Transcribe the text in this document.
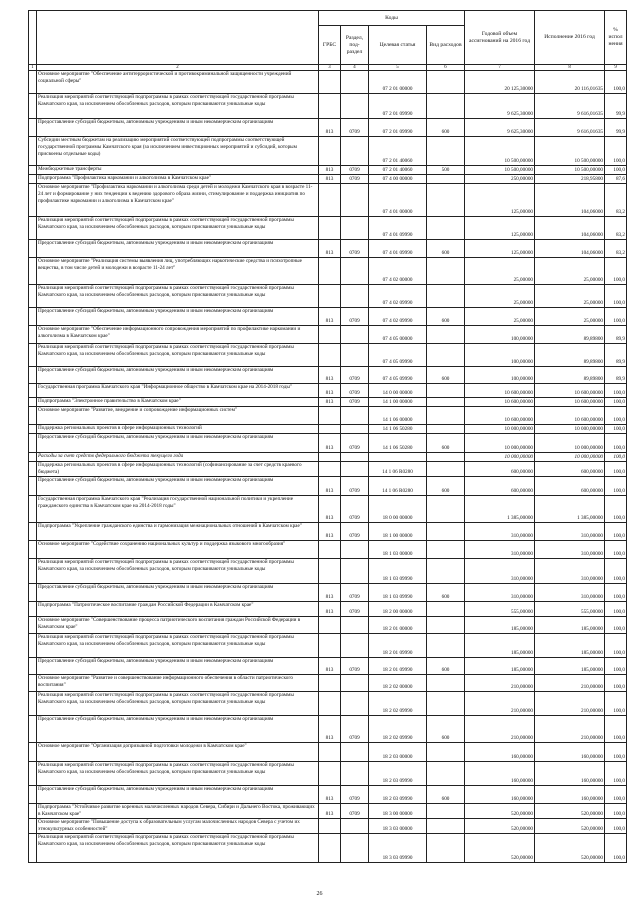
		Коды				Годовой объем ассигнований на 2016 год	Исполнение 2016 год	% испол нения
		ГРБС	Раздел, под-раздел	Целевая статья	Вид расходов			
1	2	3	4	5	6	7	8	9
	Основное мероприятие "Обеспечение антитеррористической и противокриминальной защищенности учреждений социальной сферы"			07 2 01 00000		20 125,30000	20 116,01635	100,0
	Реализация мероприятий соответствующей подпрограммы в рамках соответствующей государственной программы Камчатского края, за исключением обособленных расходов, которым присваиваются уникальные коды			07 2 01 09990		9 625,30000	9 616,01635	99,9
	Предоставление субсидий бюджетным, автономным учреждениям и иным некоммерческим организациям	813	0709	07 2 01 09990	600	9 625,30000	9 616,01635	99,9
	Субсидии местным бюджетам на реализацию мероприятий соответствующей подпрограммы соответствующей государственной программы Камчатского края (за исключением инвестиционных мероприятий и субсидий, которым присвоены отдельные коды)			07 2 01 40060		10 500,00000	10 500,00000	100,0
	Межбюджетные трансферты	813	0709	07 2 01 40060	500	10 500,00000	10 500,00000	100,0
	Подпрограмма "Профилактика наркомании и алкоголизма в Камчатском крае"	813	0709	07 4 00 00000		250,00000	218,95800	87,6
	Основное мероприятие "Профилактика наркомании и алкоголизма среди детей и молодежи Камчатского края в возрасте 11-24 лет и формирование у них тенденции к ведению здорового образа жизни, стимулирование и поддержка инициатив по профилактике наркомании и алкоголизма в Камчатском крае"			07 4 01 00000		125,00000	104,06000	83,2
	Реализация мероприятий соответствующей подпрограммы в рамках соответствующей государственной программы Камчатского края, за исключением обособленных расходов, которым присваиваются уникальные коды			07 4 01 09990		125,00000	104,06000	83,2
	Предоставление субсидий бюджетным, автономным учреждениям и иным некоммерческим организациям	813	0709	07 4 01 09990	600	125,00000	104,06000	83,2
	Основное мероприятие "Реализация системы выявления лиц, употребляющих наркотические средства и психотропные вещества, в том числе детей и молодежи в возрасте 11-24 лет"			07 4 02 00000		25,00000	25,00000	100,0
	Реализация мероприятий соответствующей подпрограммы в рамках соответствующей государственной программы Камчатского края, за исключением обособленных расходов, которым присваиваются уникальные коды			07 4 02 09990		25,00000	25,00000	100,0
	Предоставление субсидий бюджетным, автономным учреждениям и иным некоммерческим организациям	813	0709	07 4 02 09990	600	25,00000	25,00000	100,0
	Основное мероприятие "Обеспечение информационного сопровождения мероприятий по профилактике наркомании и алкоголизма в Камчатском крае"			07 4 05 00000		100,00000	89,89800	89,9
	Реализация мероприятий соответствующей подпрограммы в рамках соответствующей государственной программы Камчатского края, за исключением обособленных расходов, которым присваиваются уникальные коды			07 4 05 09990		100,00000	89,89800	89,9
	Предоставление субсидий бюджетным, автономным учреждениям и иным некоммерческим организациям	813	0709	07 4 05 09990	600	100,00000	89,89800	89,9
	Государственная программа Камчатского края "Информационное общество в Камчатском крае на 2014-2018 годы"	813	0709	14 0 00 00000		10 600,00000	10 600,00000	100,0
	Подпрограмма "Электронное правительство в Камчатском крае"	813	0709	14 1 00 00000		10 600,00000	10 600,00000	100,0
	Основное мероприятие "Развитие, внедрение и сопровождение информационных систем"			14 1 06 00000		10 600,00000	10 600,00000	100,0
	Поддержка региональных проектов в сфере информационных технологий			14 1 06 50280		10 000,00000	10 000,00000	100,0
	Предоставление субсидий бюджетным, автономным учреждениям и иным некоммерческим организациям	813	0709	14 1 06 50280	600	10 000,00000	10 000,00000	100,0
	Расходы за счет средств федерального бюджета текущего года					10 000,00000	10 000,00000	100,0
	Поддержка региональных проектов в сфере информационных технологий (софинансирование за счет средств краевого бюджета)			14 1 06 R0280		600,00000	600,00000	100,0
	Предоставление субсидий бюджетным, автономным учреждениям и иным некоммерческим организациям	813	0709	14 1 06 R0280	600	600,00000	600,00000	100,0
	Государственная программа Камчатского края "Реализация государственной национальной политики и укрепление гражданского единства в Камчатском крае на 2014-2018 годы"	813	0709	18 0 00 00000		1 385,00000	1 385,00000	100,0
	Подпрограмма "Укрепление гражданского единства и гармонизация межнациональных отношений в Камчатском крае"	813	0709	18 1 00 00000		310,00000	310,00000	100,0
	Основное мероприятие "Содействие сохранению национальных культур и поддержка языкового многообразия"			18 1 03 00000		310,00000	310,00000	100,0
	Реализация мероприятий соответствующей подпрограммы в рамках соответствующей государственной программы Камчатского края, за исключением обособленных расходов, которым присваиваются уникальные коды			18 1 03 09990		310,00000	310,00000	100,0
	Предоставление субсидий бюджетным, автономным учреждениям и иным некоммерческим организациям	813	0709	18 1 03 09990	600	310,00000	310,00000	100,0
	Подпрограмма "Патриотическое воспитание граждан Российской Федерации в Камчатском крае"	813	0709	18 2 00 00000		555,00000	555,00000	100,0
	Основное мероприятие "Совершенствование процесса патриотического воспитания граждан Российской Федерации в Камчатском крае"			18 2 01 00000		185,00000	185,00000	100,0
	Реализация мероприятий соответствующей подпрограммы в рамках соответствующей государственной программы Камчатского края, за исключением обособленных расходов, которым присваиваются уникальные коды			18 2 01 09990		185,00000	185,00000	100,0
	Предоставление субсидий бюджетным, автономным учреждениям и иным некоммерческим организациям	813	0709	18 2 01 09990	600	185,00000	185,00000	100,0
	Основное мероприятие "Развитие и совершенствование информационного обеспечения в области патриотического воспитания"			18 2 02 00000		210,00000	210,00000	100,0
	Реализация мероприятий соответствующей подпрограммы в рамках соответствующей государственной программы Камчатского края, за исключением обособленных расходов, которым присваиваются уникальные коды			18 2 02 09990		210,00000	210,00000	100,0
	Предоставление субсидий бюджетным, автономным учреждениям и иным некоммерческим организациям	813	0709	18 2 02 09990	600	210,00000	210,00000	100,0
	Основное мероприятие "Организация допризывной подготовки молодежи в Камчатском крае"			18 2 03 00000		160,00000	160,00000	100,0
	Реализация мероприятий соответствующей подпрограммы в рамках соответствующей государственной программы Камчатского края, за исключением обособленных расходов, которым присваиваются уникальные коды			18 2 03 09990		160,00000	160,00000	100,0
	Предоставление субсидий бюджетным, автономным учреждениям и иным некоммерческим организациям	813	0709	18 2 03 09990	600	160,00000	160,00000	100,0
	Подпрограмма "Устойчивое развитие коренных малочисленных народов Севера, Сибири и Дальнего Востока, проживающих в Камчатском крае"	813	0709	18 3 00 00000		520,00000	520,00000	100,0
	Основное мероприятие "Повышение доступа к образовательным услугам малочисленных народов Севера с учетом их этнокультурных особенностей"			18 3 03 00000		520,00000	520,00000	100,0
	Реализация мероприятий соответствующей подпрограммы в рамках соответствующей государственной программы Камчатского края, за исключением обособленных расходов, которым присваиваются уникальные коды			18 3 03 09990		520,00000	520,00000	100,0
26
